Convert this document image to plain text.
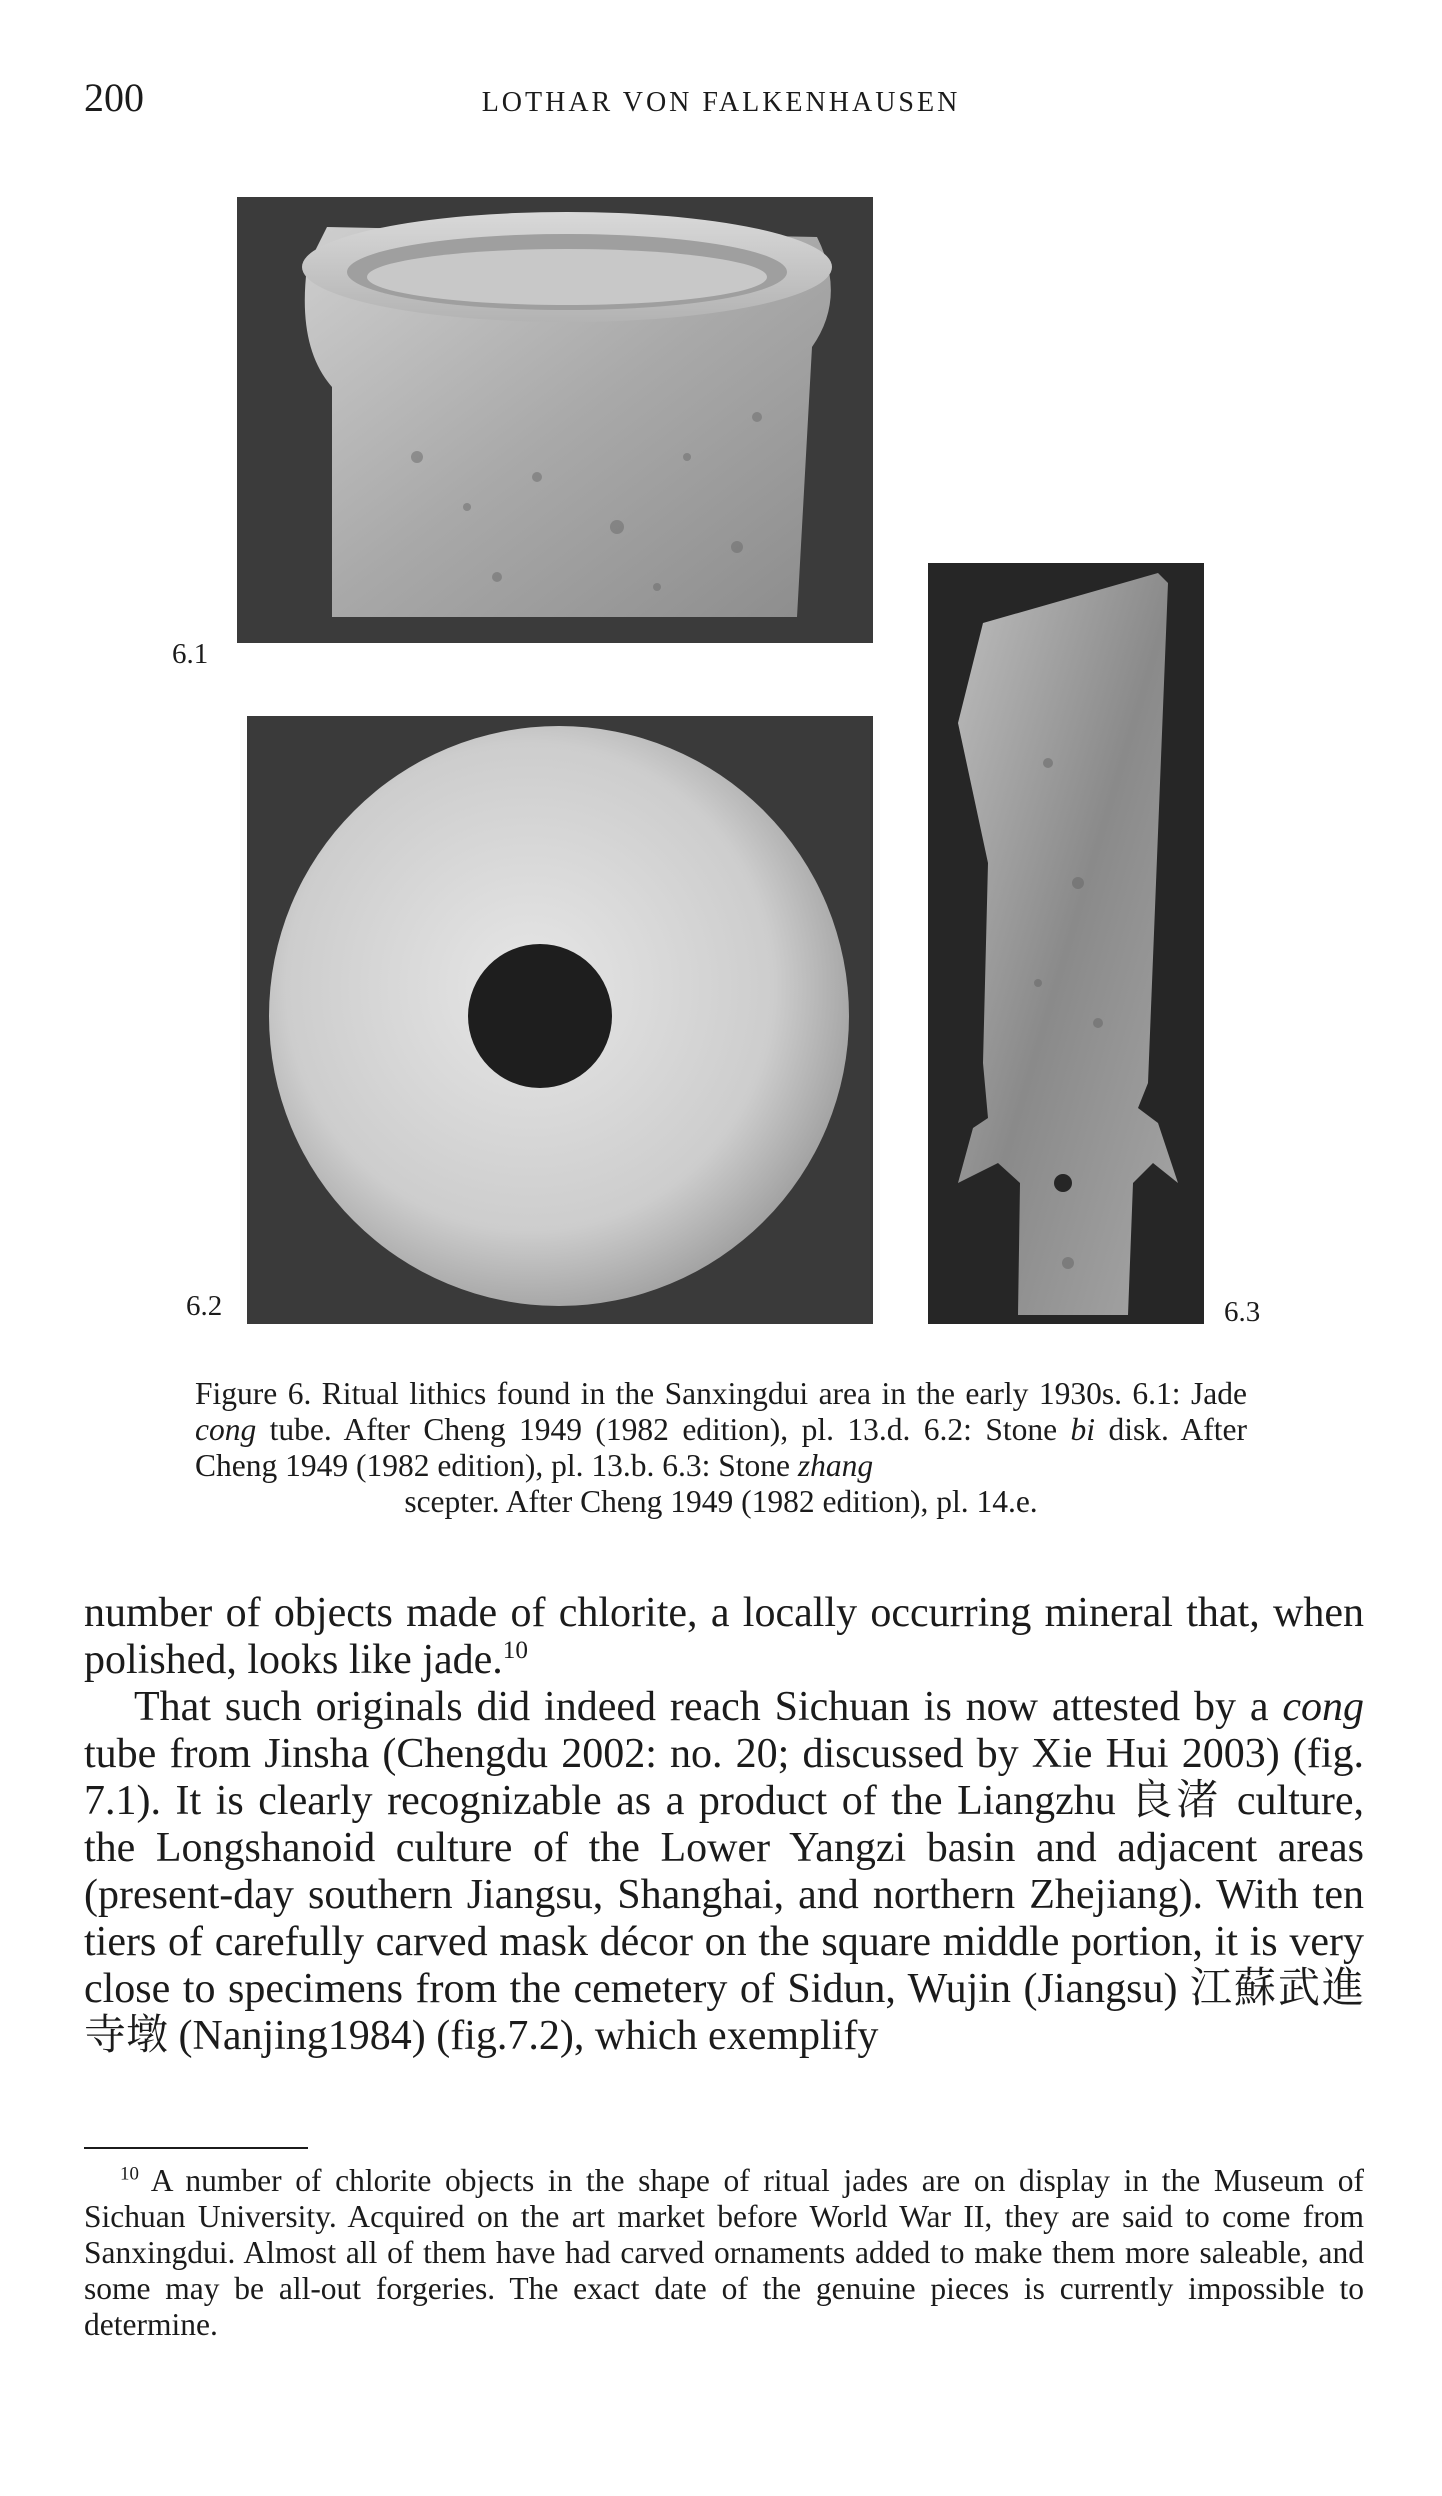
200	LOTHAR VON FALKENHAUSEN
6.1
6.2	6.3

Figure 6. Ritual lithics found in the Sanxingdui area in the early 1930s. 6.1: Jade cong tube. After Cheng 1949 (1982 edition), pl. 13.d. 6.2: Stone bi disk. After Cheng 1949 (1982 edition), pl. 13.b. 6.3: Stone zhang
scepter. After Cheng 1949 (1982 edition), pl. 14.e.

number of objects made of chlorite, a locally occurring mineral that, when polished, looks like jade.$^{10}$

That such originals did indeed reach Sichuan is now attested by a cong tube from Jinsha (Chengdu 2002: no. 20; discussed by Xie Hui 2003) (fig. 7.1). It is clearly recognizable as a product of the Liangzhu 良渚 culture, the Longshanoid culture of the Lower Yangzi basin and adjacent areas (present-day southern Jiangsu, Shanghai, and northern Zhejiang). With ten tiers of carefully carved mask décor on the square middle portion, it is very close to specimens from the cemetery of Sidun, Wujin (Jiangsu) 江蘇武進寺墩 (Nanjing1984) (fig.7.2), which exemplify

$^{10}$ A number of chlorite objects in the shape of ritual jades are on display in the Museum of Sichuan University. Acquired on the art market before World War II, they are said to come from Sanxingdui. Almost all of them have had carved ornaments added to make them more saleable, and some may be all-out forgeries. The exact date of the genuine pieces is currently impossible to determine.
